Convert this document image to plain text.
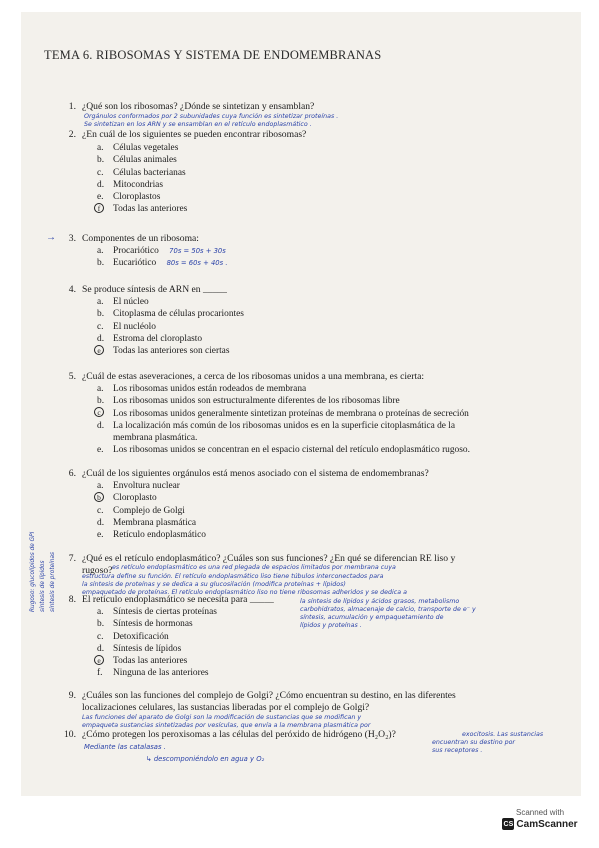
TEMA 6. RIBOSOMAS Y SISTEMA DE ENDOMEMBRANAS
1. ¿Qué son los ribosomas? ¿Dónde se sintetizan y ensamblan?
Orgánulos conformados por 2 subunidades cuya función es sintetizar proteínas .
Se sintetizan en los ARN y se ensamblan en el retículo endoplasmático .
2. ¿En cuál de los siguientes se pueden encontrar ribosomas?
a. Células vegetales
b. Células animales
c. Células bacterianas
d. Mitocondrias
e. Cloroplastos
f Todas las anteriores
→	3. Componentes de un ribosoma:
a. Procariótico 70s = 50s + 30s
b. Eucariótico 80s = 60s + 40s .
4. Se produce síntesis de ARN en _____
a. El núcleo
b. Citoplasma de células procariontes
c. El nucléolo
d. Estroma del cloroplasto
e Todas las anteriores son ciertas
5. ¿Cuál de estas aseveraciones, a cerca de los ribosomas unidos a una membrana, es cierta:
a. Los ribosomas unidos están rodeados de membrana
b. Los ribosomas unidos son estructuralmente diferentes de los ribosomas libre
c Los ribosomas unidos generalmente sintetizan proteínas de membrana o proteínas de secreción
d. La localización más común de los ribosomas unidos es en la superficie citoplasmática de la
membrana plasmática.
e. Los ribosomas unidos se concentran en el espacio cisternal del retículo endoplasmático rugoso.
6. ¿Cuál de los siguientes orgánulos está menos asociado con el sistema de endomembranas?
a. Envoltura nuclear
b Cloroplasto
c. Complejo de Golgi
d. Membrana plasmática
e. Retículo endoplasmático
Rugoso: glucolípidos de GPI síntesis de lípidos síntesis de proteínas	7. ¿Qué es el retículo endoplasmático? ¿Cuáles son sus funciones? ¿En qué se diferencian RE liso y
rugoso? es retículo endoplasmático es una red plegada de espacios limitados por membrana cuya
estructura define su función. El retículo endoplasmático liso tiene túbulos interconectados para
la síntesis de proteínas y se dedica a su glucosilación (modifica proteínas + lípidos)
empaquetado de proteínas. El retículo endoplasmático liso no tiene ribosomas adheridos y se dedica a
la síntesis de lípidos y ácidos grasos, metabolismo
carbohidratos, almacenaje de calcio, transporte de e⁻ y
síntesis, acumulación y empaquetamiento de
lípidos y proteínas .
8. El retículo endoplasmático se necesita para _____
a. Síntesis de ciertas proteínas
b. Síntesis de hormonas
c. Detoxificación
d. Síntesis de lípidos
e Todas las anteriores
f. Ninguna de las anteriores
9. ¿Cuáles son las funciones del complejo de Golgi? ¿Cómo encuentran su destino, en las diferentes
localizaciones celulares, las sustancias liberadas por el complejo de Golgi?
Las funciones del aparato de Golgi son la modificación de sustancias que se modifican y
empaqueta sustancias sintetizadas por vesículas, que envía a la membrana plasmática por
exocitosis. Las sustancias
encuentran su destino por
sus receptores .
10. ¿Cómo protegen los peroxisomas a las células del peróxido de hidrógeno (H₂O₂)?
Mediante las catalasas .
↳ descomponiéndolo en agua y O₂
Scanned with
CS CamScanner
